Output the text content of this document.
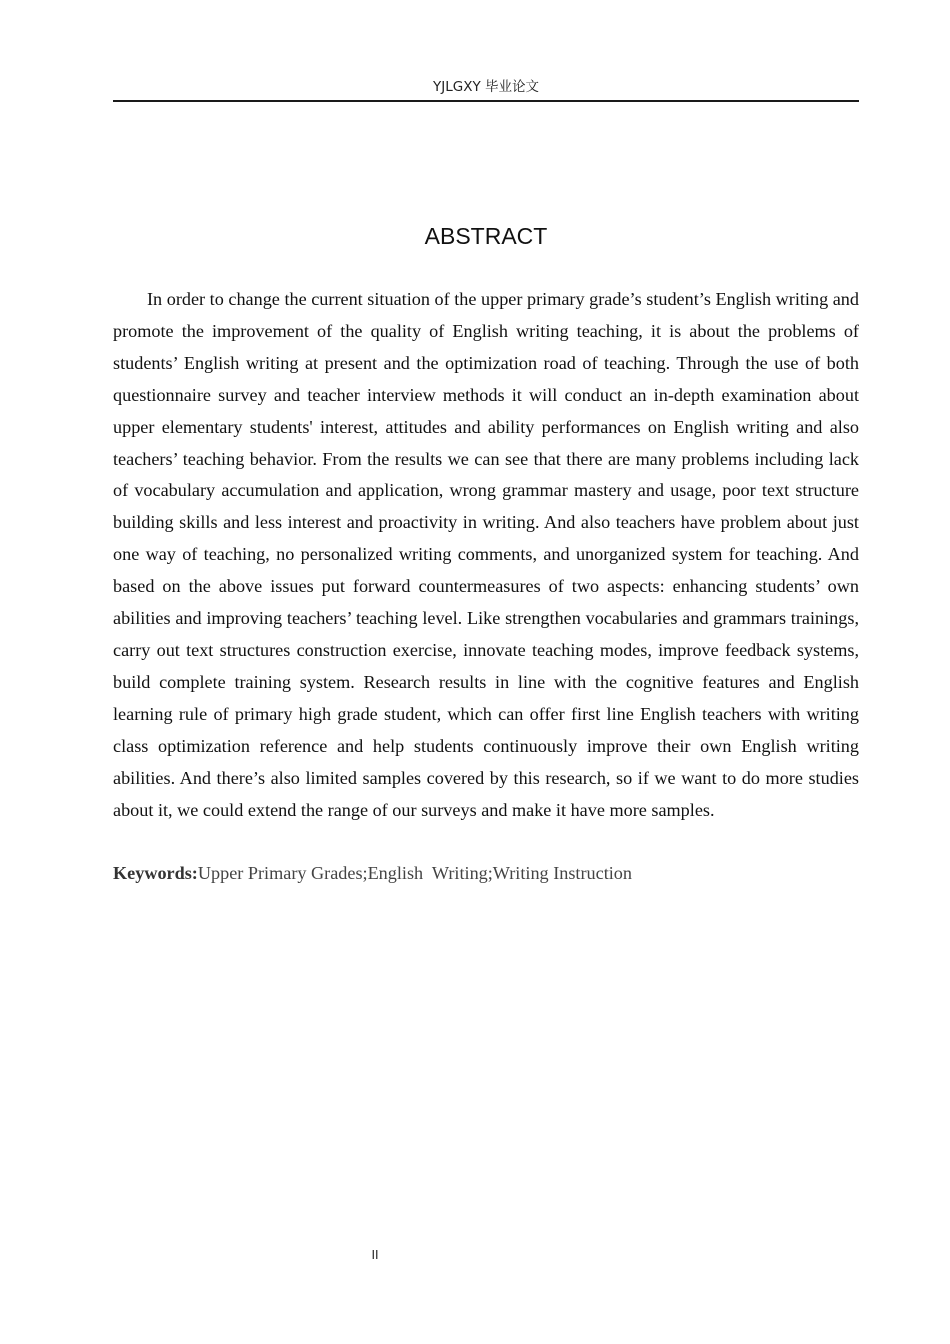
YJLGXY 毕业论文
ABSTRACT

In order to change the current situation of the upper primary grade’s student’s English writing and promote the improvement of the quality of English writing teaching, it is about the problems of students’ English writing at present and the optimization road of teaching. Through the use of both questionnaire survey and teacher interview methods it will conduct an in-depth examination about upper elementary students' interest, attitudes and ability performances on English writing and also teachers’ teaching behavior. From the results we can see that there are many problems including lack of vocabulary accumulation and application, wrong grammar mastery and usage, poor text structure building skills and less interest and proactivity in writing. And also teachers have problem about just one way of teaching, no personalized writing comments, and unorganized system for teaching. And based on the above issues put forward countermeasures of two aspects: enhancing students’ own abilities and improving teachers’ teaching level. Like strengthen vocabularies and grammars trainings, carry out text structures construction exercise, innovate teaching modes, improve feedback systems, build complete training system. Research results in line with the cognitive features and English learning rule of primary high grade student, which can offer first line English teachers with writing class optimization reference and help students continuously improve their own English writing abilities. And there’s also limited samples covered by this research, so if we want to do more studies about it, we could extend the range of our surveys and make it have more samples.

Keywords:Upper Primary Grades;English  Writing;Writing Instruction

II
